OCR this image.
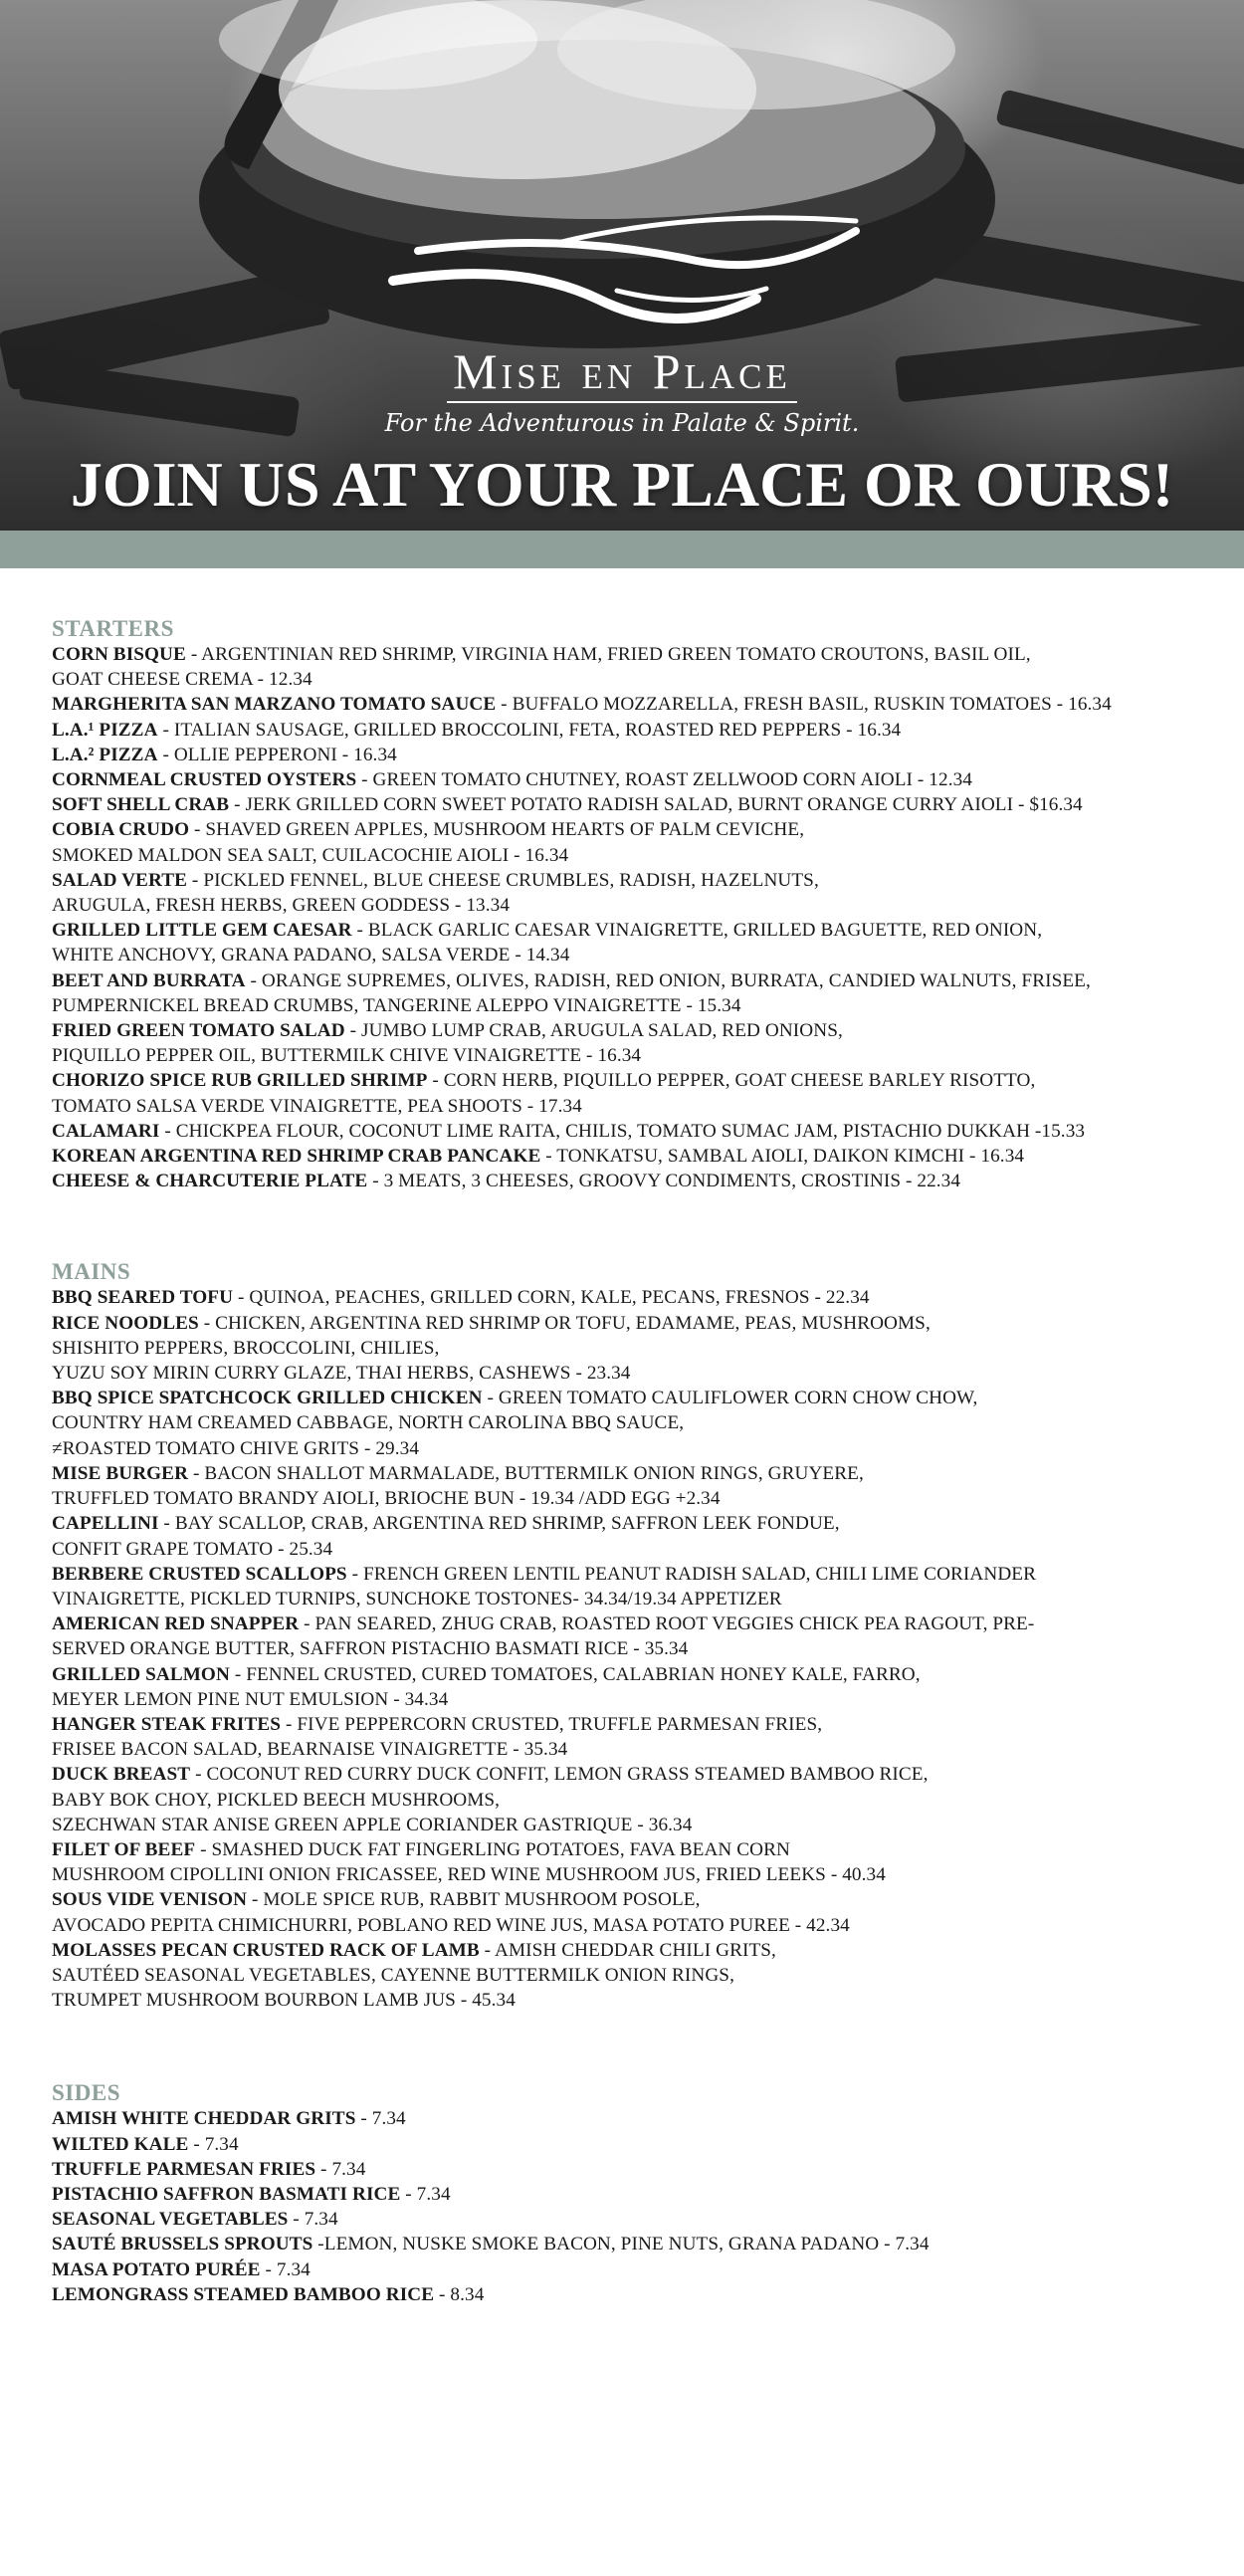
Mise en Place
For the Adventurous in Palate & Spirit.
JOIN US AT YOUR PLACE OR OURS!
STARTERS
CORN BISQUE - ARGENTINIAN RED SHRIMP, VIRGINIA HAM, FRIED GREEN TOMATO CROUTONS, BASIL OIL,
GOAT CHEESE CREMA - 12.34
MARGHERITA SAN MARZANO TOMATO SAUCE - BUFFALO MOZZARELLA, FRESH BASIL, RUSKIN TOMATOES - 16.34
L.A.¹ PIZZA - ITALIAN SAUSAGE, GRILLED BROCCOLINI, FETA, ROASTED RED PEPPERS - 16.34
L.A.² PIZZA - OLLIE PEPPERONI - 16.34
CORNMEAL CRUSTED OYSTERS - GREEN TOMATO CHUTNEY, ROAST ZELLWOOD CORN AIOLI - 12.34
SOFT SHELL CRAB - JERK GRILLED CORN SWEET POTATO RADISH SALAD, BURNT ORANGE CURRY AIOLI - $16.34
COBIA CRUDO - SHAVED GREEN APPLES, MUSHROOM HEARTS OF PALM CEVICHE,
SMOKED MALDON SEA SALT, CUILACOCHIE AIOLI - 16.34
SALAD VERTE - PICKLED FENNEL, BLUE CHEESE CRUMBLES, RADISH, HAZELNUTS,
ARUGULA, FRESH HERBS, GREEN GODDESS - 13.34
GRILLED LITTLE GEM CAESAR - BLACK GARLIC CAESAR VINAIGRETTE, GRILLED BAGUETTE, RED ONION,
WHITE ANCHOVY, GRANA PADANO, SALSA VERDE - 14.34
BEET AND BURRATA - ORANGE SUPREMES, OLIVES, RADISH, RED ONION, BURRATA, CANDIED WALNUTS, FRISEE,
PUMPERNICKEL BREAD CRUMBS, TANGERINE ALEPPO VINAIGRETTE - 15.34
FRIED GREEN TOMATO SALAD - JUMBO LUMP CRAB, ARUGULA SALAD, RED ONIONS,
PIQUILLO PEPPER OIL, BUTTERMILK CHIVE VINAIGRETTE - 16.34
CHORIZO SPICE RUB GRILLED SHRIMP - CORN HERB, PIQUILLO PEPPER, GOAT CHEESE BARLEY RISOTTO,
TOMATO SALSA VERDE VINAIGRETTE, PEA SHOOTS - 17.34
CALAMARI - CHICKPEA FLOUR, COCONUT LIME RAITA, CHILIS, TOMATO SUMAC JAM, PISTACHIO DUKKAH -15.33
KOREAN ARGENTINA RED SHRIMP CRAB PANCAKE - TONKATSU, SAMBAL AIOLI, DAIKON KIMCHI - 16.34
CHEESE & CHARCUTERIE PLATE - 3 MEATS, 3 CHEESES, GROOVY CONDIMENTS, CROSTINIS - 22.34
MAINS
BBQ SEARED TOFU - QUINOA, PEACHES, GRILLED CORN, KALE, PECANS, FRESNOS - 22.34
RICE NOODLES - CHICKEN, ARGENTINA RED SHRIMP OR TOFU, EDAMAME, PEAS, MUSHROOMS,
SHISHITO PEPPERS, BROCCOLINI, CHILIES,
YUZU SOY MIRIN CURRY GLAZE, THAI HERBS, CASHEWS - 23.34
BBQ SPICE SPATCHCOCK GRILLED CHICKEN - GREEN TOMATO CAULIFLOWER CORN CHOW CHOW,
COUNTRY HAM CREAMED CABBAGE, NORTH CAROLINA BBQ SAUCE,
≠ROASTED TOMATO CHIVE GRITS - 29.34
MISE BURGER - BACON SHALLOT MARMALADE, BUTTERMILK ONION RINGS, GRUYERE,
TRUFFLED TOMATO BRANDY AIOLI, BRIOCHE BUN - 19.34 /ADD EGG +2.34
CAPELLINI - BAY SCALLOP, CRAB, ARGENTINA RED SHRIMP, SAFFRON LEEK FONDUE,
CONFIT GRAPE TOMATO - 25.34
BERBERE CRUSTED SCALLOPS - FRENCH GREEN LENTIL PEANUT RADISH SALAD, CHILI LIME CORIANDER
VINAIGRETTE, PICKLED TURNIPS, SUNCHOKE TOSTONES- 34.34/19.34 APPETIZER
AMERICAN RED SNAPPER - PAN SEARED, ZHUG CRAB, ROASTED ROOT VEGGIES CHICK PEA RAGOUT, PRE-
SERVED ORANGE BUTTER, SAFFRON PISTACHIO BASMATI RICE - 35.34
GRILLED SALMON - FENNEL CRUSTED, CURED TOMATOES, CALABRIAN HONEY KALE, FARRO,
MEYER LEMON PINE NUT EMULSION - 34.34
HANGER STEAK FRITES - FIVE PEPPERCORN CRUSTED, TRUFFLE PARMESAN FRIES,
FRISEE BACON SALAD, BEARNAISE VINAIGRETTE - 35.34
DUCK BREAST - COCONUT RED CURRY DUCK CONFIT, LEMON GRASS STEAMED BAMBOO RICE,
BABY BOK CHOY, PICKLED BEECH MUSHROOMS,
SZECHWAN STAR ANISE GREEN APPLE CORIANDER GASTRIQUE - 36.34
FILET OF BEEF - SMASHED DUCK FAT FINGERLING POTATOES, FAVA BEAN CORN
MUSHROOM CIPOLLINI ONION FRICASSEE, RED WINE MUSHROOM JUS, FRIED LEEKS - 40.34
SOUS VIDE VENISON - MOLE SPICE RUB, RABBIT MUSHROOM POSOLE,
AVOCADO PEPITA CHIMICHURRI, POBLANO RED WINE JUS, MASA POTATO PUREE - 42.34
MOLASSES PECAN CRUSTED RACK OF LAMB - AMISH CHEDDAR CHILI GRITS,
SAUTÉED SEASONAL VEGETABLES, CAYENNE BUTTERMILK ONION RINGS,
TRUMPET MUSHROOM BOURBON LAMB JUS - 45.34
SIDES
AMISH WHITE CHEDDAR GRITS - 7.34
WILTED KALE - 7.34
TRUFFLE PARMESAN FRIES - 7.34
PISTACHIO SAFFRON BASMATI RICE - 7.34
SEASONAL VEGETABLES - 7.34
SAUTÉ BRUSSELS SPROUTS -LEMON, NUSKE SMOKE BACON, PINE NUTS, GRANA PADANO - 7.34
MASA POTATO PURÉE - 7.34
LEMONGRASS STEAMED BAMBOO RICE - 8.34
